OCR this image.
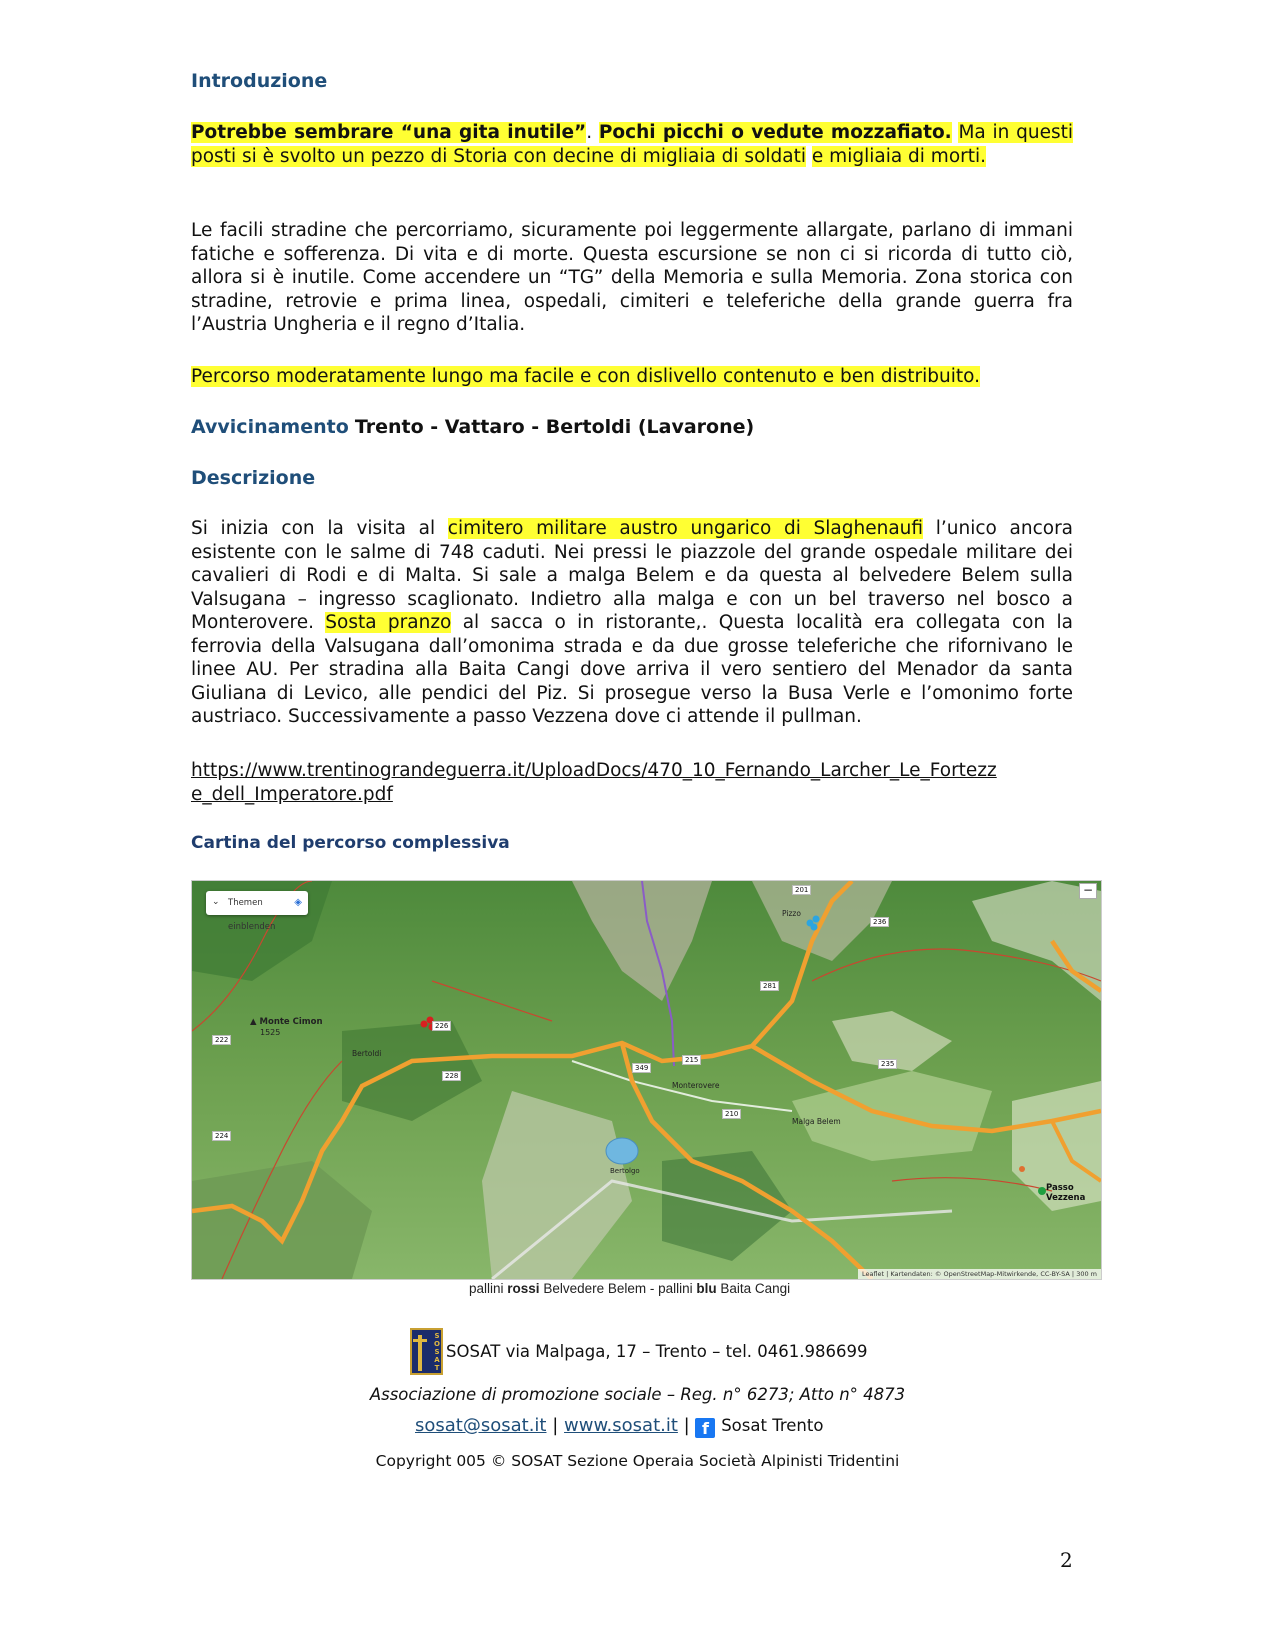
Introduzione
Potrebbe sembrare “una gita inutile”. Pochi picchi o vedute mozzafiato. Ma in questi posti si è svolto un pezzo di Storia con decine di migliaia di soldati e migliaia di morti.
Le facili stradine che percorriamo, sicuramente poi leggermente allargate, parlano di immani fatiche e sofferenza. Di vita e di morte. Questa escursione se non ci si ricorda di tutto ciò, allora si è inutile. Come accendere un “TG” della Memoria e sulla Memoria. Zona storica con stradine, retrovie e prima linea, ospedali, cimiteri e teleferiche della grande guerra fra l’Austria Ungheria e il regno d’Italia.
Percorso moderatamente lungo ma facile e con dislivello contenuto e ben distribuito.
Avvicinamento Trento - Vattaro - Bertoldi (Lavarone)
Descrizione
Si inizia con la visita al cimitero militare austro ungarico di Slaghenaufi l’unico ancora esistente con le salme di 748 caduti. Nei pressi le piazzole del grande ospedale militare dei cavalieri di Rodi e di Malta. Si sale a malga Belem e da questa al belvedere Belem sulla Valsugana – ingresso scaglionato. Indietro alla malga e con un bel traverso nel bosco a Monterovere. Sosta pranzo al sacca o in ristorante,. Questa località era collegata con la ferrovia della Valsugana dall’omonima strada e da due grosse teleferiche che rifornivano le linee AU. Per stradina alla Baita Cangi dove arriva il vero sentiero del Menador da santa Giuliana di Levico, alle pendici del Piz. Si prosegue verso la Busa Verle e l’omonimo forte austriaco. Successivamente a passo Vezzena dove ci attende il pullman.
https://www.trentinograndeguerra.it/UploadDocs/470_10_Fernando_Larcher_Le_Fortezz
e_dell_Imperatore.pdf
Cartina del percorso complessiva
⌄ Themen einblenden
◈
−
▲ Monte Cimon
1525
Bertoldi
Monterovere
Malga Belem
Pizzo
Bertolgo
Passo Vezzena
222
224
228
349
215
281
201
236
235
226
210
Leaflet | Kartendaten: © OpenStreetMap-Mitwirkende, CC-BY-SA | 300 m
pallini rossi Belvedere Belem - pallini blu Baita Cangi
SOSAT SOSAT via Malpaga, 17 – Trento – tel. 0461.986699
Associazione di promozione sociale – Reg. n° 6273; Atto n° 4873
sosat@sosat.it | www.sosat.it | f Sosat Trento
Copyright 005 © SOSAT Sezione Operaia Società Alpinisti Tridentini
2
